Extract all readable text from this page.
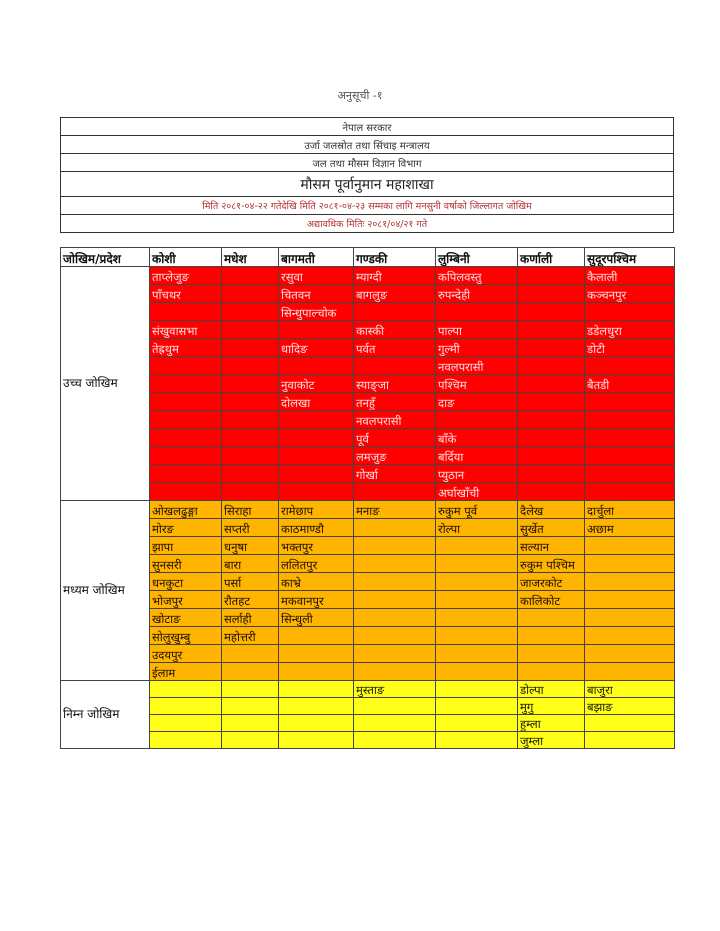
अनुसूची -१
नेपाल सरकार
उर्जा जलस्रोत तथा सिंचाइ मन्त्रालय
जल तथा मौसम विज्ञान विभाग
मौसम पूर्वानुमान महाशाखा
मिति २०८१-०४-२२ गतेदेखि मिति २०८१-०४-२३ सम्मका लागि मनसुनी वर्षाको जिल्लागत जोखिम
अद्यावधिक मितिः २०८१/०४/२१ गते
जोखिम/प्रदेश	कोशी	मधेश	बागमती	गण्डकी	लुम्बिनी	कर्णाली	सुदूरपश्चिम
उच्च जोखिम	ताप्लेजुङ		रसुवा	म्याग्दी	कपिलवस्तु		कैलाली
	पाँचथर		चितवन	बागलुङ	रुपन्देही		कञ्चनपुर
			सिन्धुपाल्चोक				
	संखुवासभा			कास्की	पाल्पा		डडेलधुरा
	तेह्रथुम		धादिङ	पर्वत	गुल्मी		डोटी
					नवलपरासी		
			नुवाकोट	स्याङ्जा	पश्चिम		बैतडी
			दोलखा	तनहुँ	दाङ		
				नवलपरासी			
				पूर्व	बाँके		
				लमजुङ	बर्दिया		
				गोर्खा	प्युठान		
					अर्घाखाँची		
मध्यम जोखिम	ओखलढुङ्गा	सिराहा	रामेछाप	मनाङ	रुकुम पूर्व	दैलेख	दार्चुला
	मोरङ	सप्तरी	काठमाण्डौ		रोल्पा	सुर्खेत	अछाम
	झापा	धनुषा	भक्तपुर			सल्यान	
	सुनसरी	बारा	ललितपुर			रुकुम पश्चिम	
	धनकुटा	पर्सा	काभ्रे			जाजरकोट	
	भोजपुर	रौतहट	मकवानपुर			कालिकोट	
	खोटाङ	सर्लाही	सिन्धुली				
	सोलुखुम्बु	महोत्तरी					
	उदयपुर						
	ईलाम						
निम्न जोखिम				मुस्ताङ		डोल्पा	बाजुरा
						मुगु	बझाङ
						हुम्ला	
						जुम्ला	
